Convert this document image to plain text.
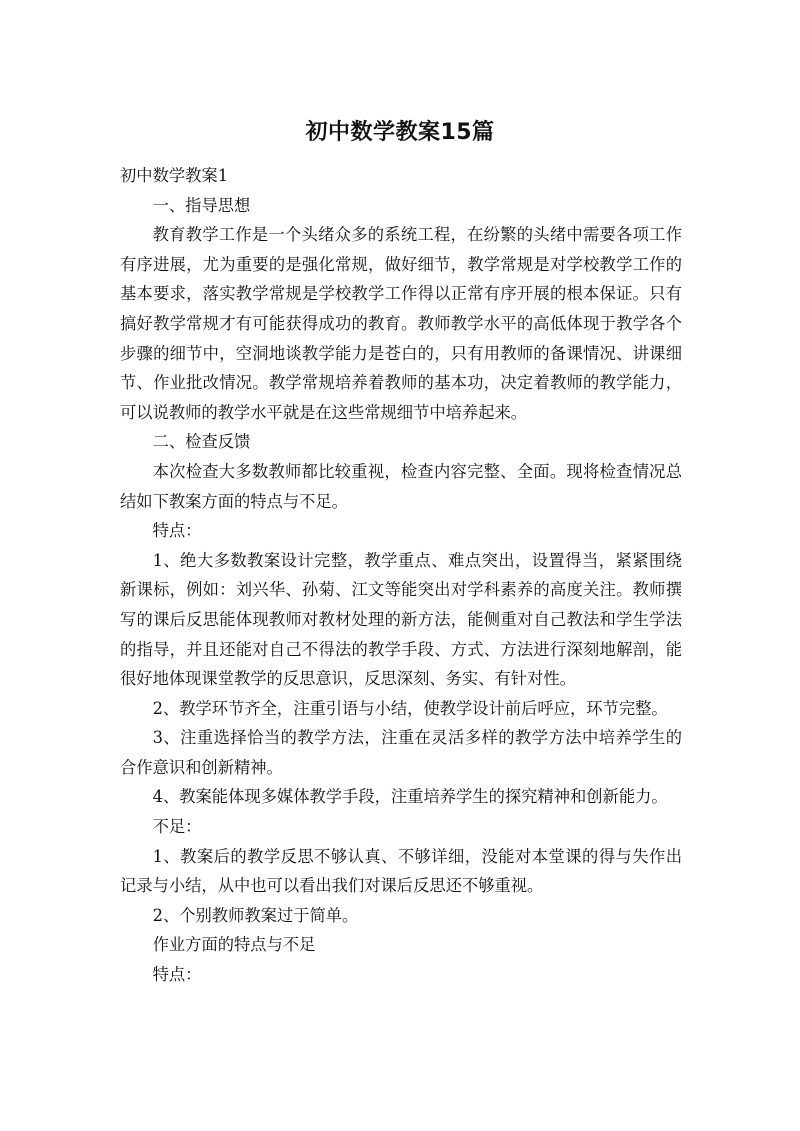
初中数学教案15篇

初中数学教案1

一、指导思想

教育教学工作是一个头绪众多的系统工程，在纷繁的头绪中需要各项工作有序进展，尤为重要的是强化常规，做好细节，教学常规是对学校教学工作的基本要求，落实教学常规是学校教学工作得以正常有序开展的根本保证。只有搞好教学常规才有可能获得成功的教育。教师教学水平的高低体现于教学各个步骤的细节中，空洞地谈教学能力是苍白的，只有用教师的备课情况、讲课细节、作业批改情况。教学常规培养着教师的基本功，决定着教师的教学能力，可以说教师的教学水平就是在这些常规细节中培养起来。

二、检查反馈

本次检查大多数教师都比较重视，检查内容完整、全面。现将检查情况总结如下教案方面的特点与不足。

特点：

1、绝大多数教案设计完整，教学重点、难点突出，设置得当，紧紧围绕新课标，例如：刘兴华、孙菊、江文等能突出对学科素养的高度关注。教师撰写的课后反思能体现教师对教材处理的新方法，能侧重对自己教法和学生学法的指导，并且还能对自己不得法的教学手段、方式、方法进行深刻地解剖，能很好地体现课堂教学的反思意识，反思深刻、务实、有针对性。

2、教学环节齐全，注重引语与小结，使教学设计前后呼应，环节完整。

3、注重选择恰当的教学方法，注重在灵活多样的教学方法中培养学生的合作意识和创新精神。

4、教案能体现多媒体教学手段，注重培养学生的探究精神和创新能力。

不足：

1、教案后的教学反思不够认真、不够详细，没能对本堂课的得与失作出记录与小结，从中也可以看出我们对课后反思还不够重视。

2、个别教师教案过于简单。

作业方面的特点与不足

特点：
